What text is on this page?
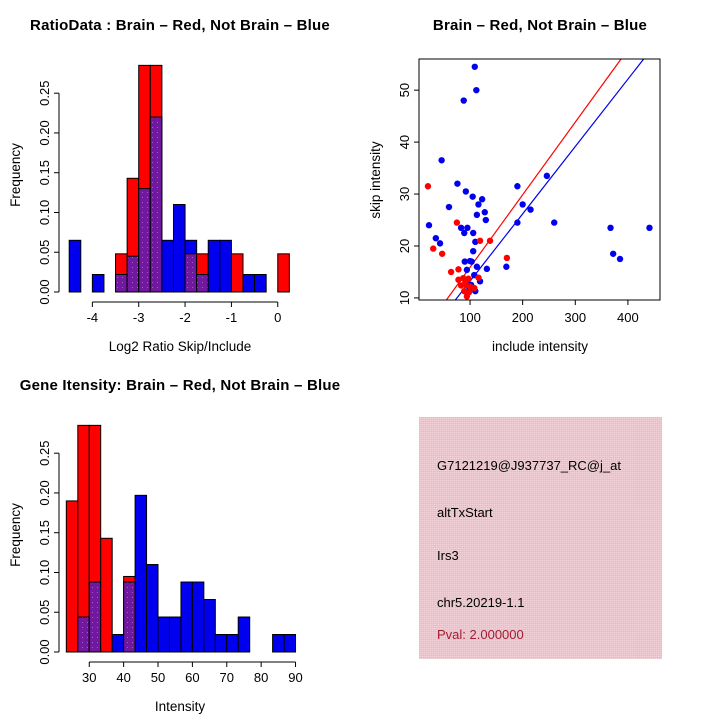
0.00
0.05
0.10
0.15
0.20
0.25
-4	-3	-2	-1	0
RatioData : Brain – Red, Not Brain – Blue
Log2 Ratio Skip/Include
Frequency
100 200 300 400
10
20
30
40
50
Brain – Red, Not Brain – Blue
include intensity
skip intensity
0.00
0.05
0.10
0.15
0.20
0.25
30 40 50 60 70 80 90
Gene Itensity: Brain – Red, Not Brain – Blue
Intensity
Frequency
G7121219@J937737_RC@j_at
altTxStart
Irs3
chr5.20219-1.1
Pval: 2.000000
